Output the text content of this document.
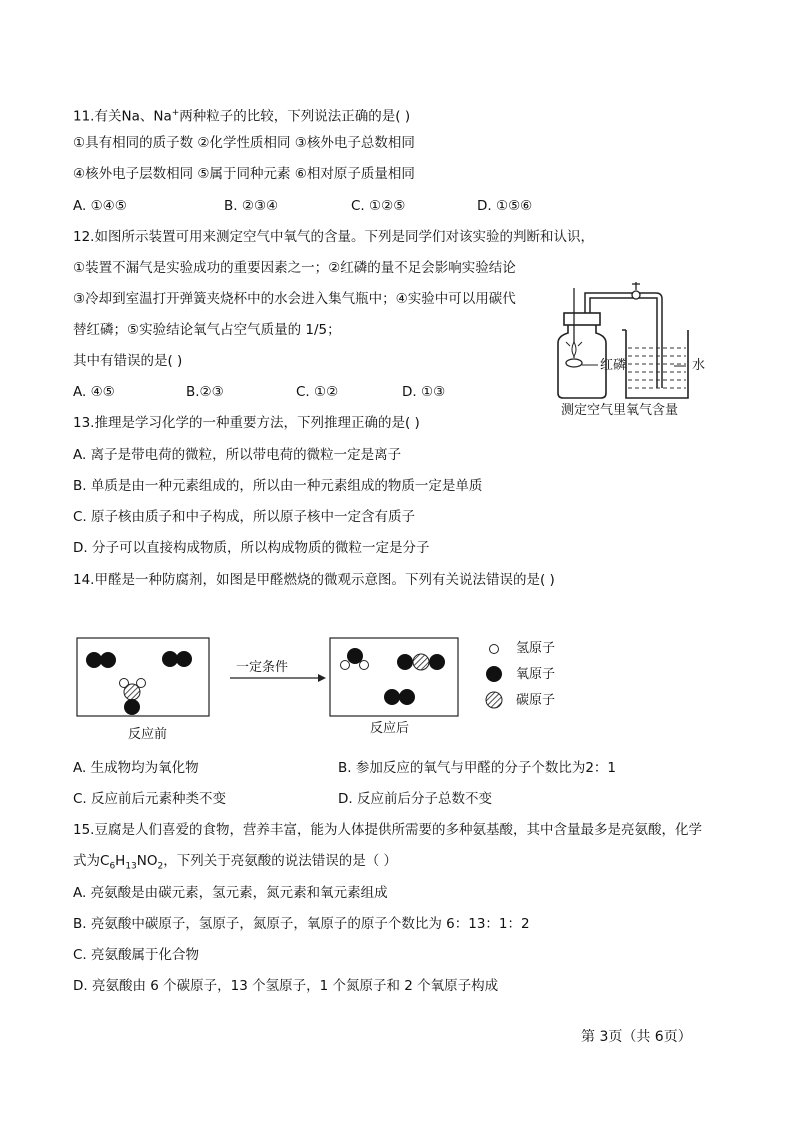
11.有关Na、Na+两种粒子的比较，下列说法正确的是( )
①具有相同的质子数 ②化学性质相同 ③核外电子总数相同
④核外电子层数相同 ⑤属于同种元素 ⑥相对原子质量相同
A. ①④⑤	B. ②③④	C. ①②⑤	D. ①⑤⑥
12.如图所示装置可用来测定空气中氧气的含量。下列是同学们对该实验的判断和认识，
①装置不漏气是实验成功的重要因素之一；②红磷的量不足会影响实验结论
③冷却到室温打开弹簧夹烧杯中的水会进入集气瓶中；④实验中可以用碳代
替红磷；⑤实验结论氧气占空气质量的 1/5；
其中有错误的是( )
A. ④⑤	B.②③	C. ①②	D. ①③
红磷	水
测定空气里氧气含量
13.推理是学习化学的一种重要方法，下列推理正确的是( )
A. 离子是带电荷的微粒，所以带电荷的微粒一定是离子
B. 单质是由一种元素组成的，所以由一种元素组成的物质一定是单质
C. 原子核由质子和中子构成，所以原子核中一定含有质子
D. 分子可以直接构成物质，所以构成物质的微粒一定是分子
14.甲醛是一种防腐剂，如图是甲醛燃烧的微观示意图。下列有关说法错误的是( )
一定条件
氢原子
氧原子
碳原子
反应前	反应后
A. 生成物均为氧化物	B. 参加反应的氧气与甲醛的分子个数比为2：1
C. 反应前后元素种类不变	D. 反应前后分子总数不变
15.豆腐是人们喜爱的食物，营养丰富，能为人体提供所需要的多种氨基酸，其中含量最多是亮氨酸，化学
式为$C_6H_{13}NO_2$，下列关于亮氨酸的说法错误的是（ ）
A. 亮氨酸是由碳元素，氢元素，氮元素和氧元素组成
B. 亮氨酸中碳原子，氢原子，氮原子，氧原子的原子个数比为 6：13：1：2
C. 亮氨酸属于化合物
D. 亮氨酸由 6 个碳原子，13 个氢原子，1 个氮原子和 2 个氧原子构成
第 3页（共 6页）
